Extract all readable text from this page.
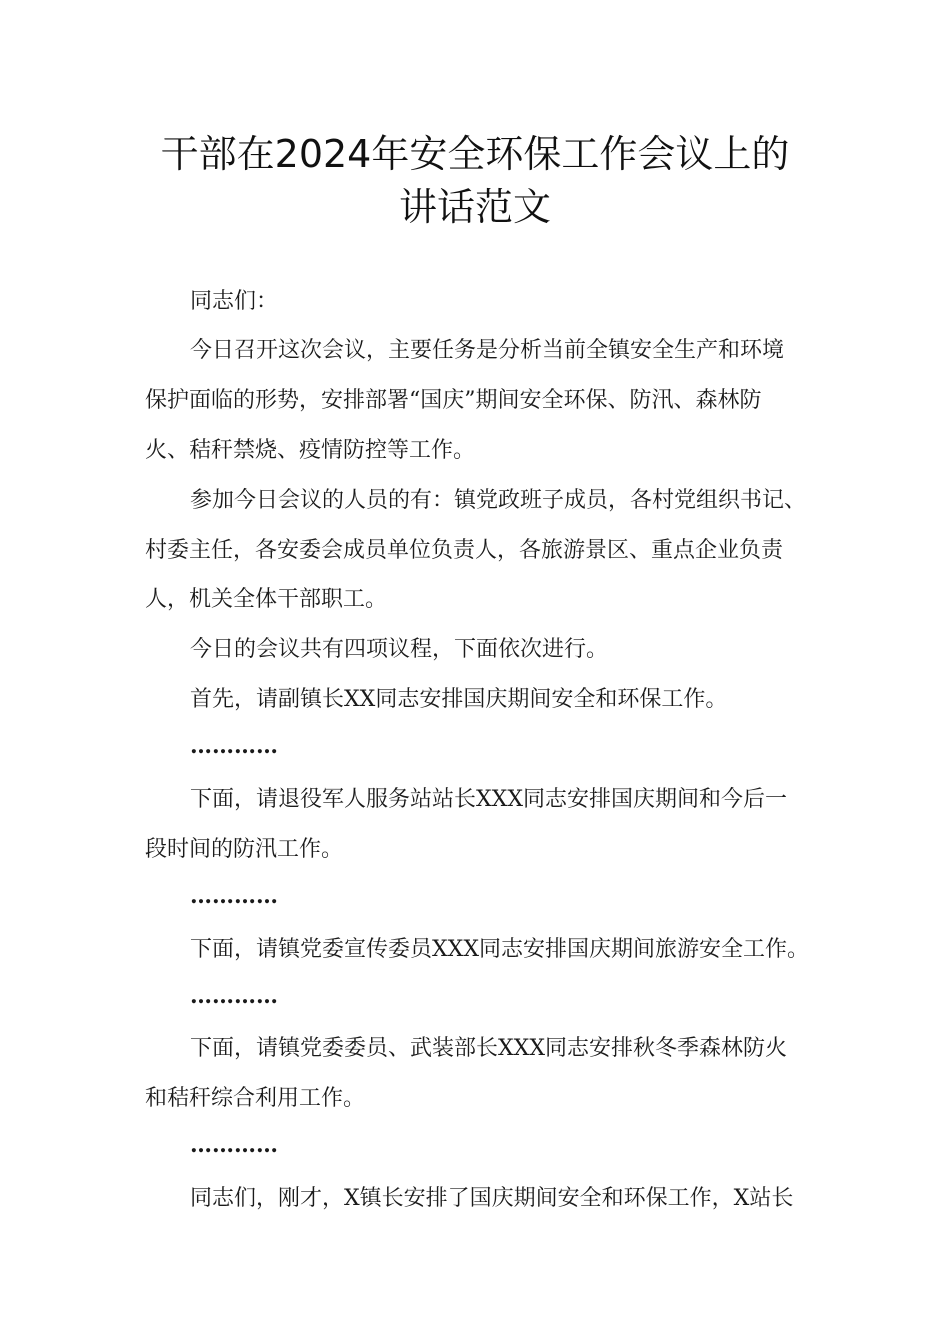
干部在2024年安全环保工作会议上的
讲话范文
同志们：
今日召开这次会议，主要任务是分析当前全镇安全生产和环境
保护面临的形势，安排部署“国庆”期间安全环保、防汛、森林防
火、秸秆禁烧、疫情防控等工作。
参加今日会议的人员的有：镇党政班子成员，各村党组织书记、
村委主任，各安委会成员单位负责人，各旅游景区、重点企业负责
人，机关全体干部职工。
今日的会议共有四项议程，下面依次进行。
首先，请副镇长XX同志安排国庆期间安全和环保工作。
…………
下面，请退役军人服务站站长XXX同志安排国庆期间和今后一
段时间的防汛工作。
…………
下面，请镇党委宣传委员XXX同志安排国庆期间旅游安全工作。
…………
下面，请镇党委委员、武装部长XXX同志安排秋冬季森林防火
和秸秆综合利用工作。
…………
同志们，刚才，X镇长安排了国庆期间安全和环保工作，X站长
